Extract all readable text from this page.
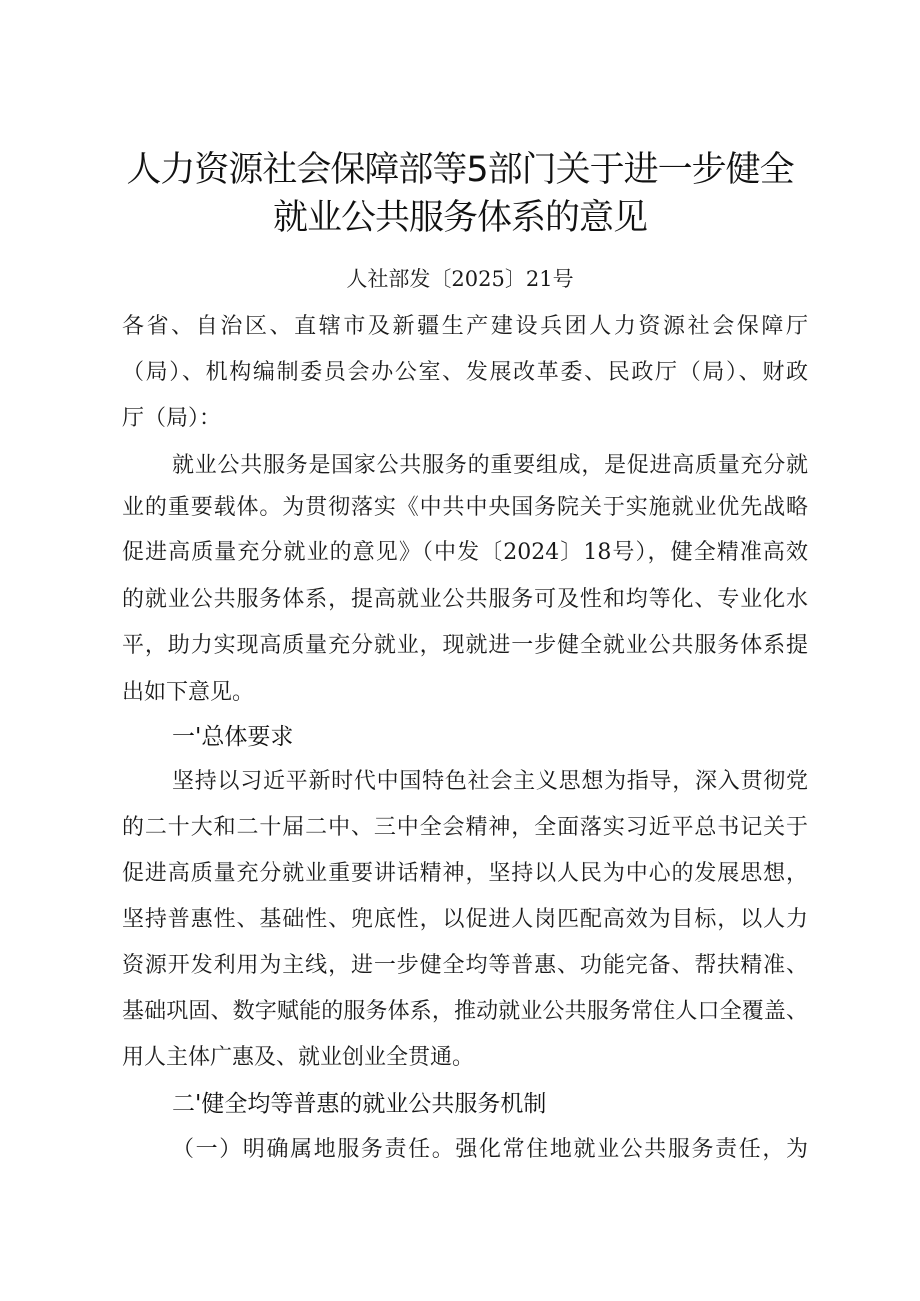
人力资源社会保障部等5部门关于进一步健全
就业公共服务体系的意见
人社部发〔2025〕21号
各省、自治区、直辖市及新疆生产建设兵团人力资源社会保障厅
（局）、机构编制委员会办公室、发展改革委、民政厅（局）、财政
厅（局）：
就业公共服务是国家公共服务的重要组成，是促进高质量充分就
业的重要载体。为贯彻落实《中共中央国务院关于实施就业优先战略
促进高质量充分就业的意见》（中发〔2024〕18号），健全精准高效
的就业公共服务体系，提高就业公共服务可及性和均等化、专业化水
平，助力实现高质量充分就业，现就进一步健全就业公共服务体系提
出如下意见。
一'总体要求
坚持以习近平新时代中国特色社会主义思想为指导，深入贯彻党
的二十大和二十届二中、三中全会精神，全面落实习近平总书记关于
促进高质量充分就业重要讲话精神，坚持以人民为中心的发展思想，
坚持普惠性、基础性、兜底性，以促进人岗匹配高效为目标，以人力
资源开发利用为主线，进一步健全均等普惠、功能完备、帮扶精准、
基础巩固、数字赋能的服务体系，推动就业公共服务常住人口全覆盖、
用人主体广惠及、就业创业全贯通。
二'健全均等普惠的就业公共服务机制
（一）明确属地服务责任。强化常住地就业公共服务责任，为
